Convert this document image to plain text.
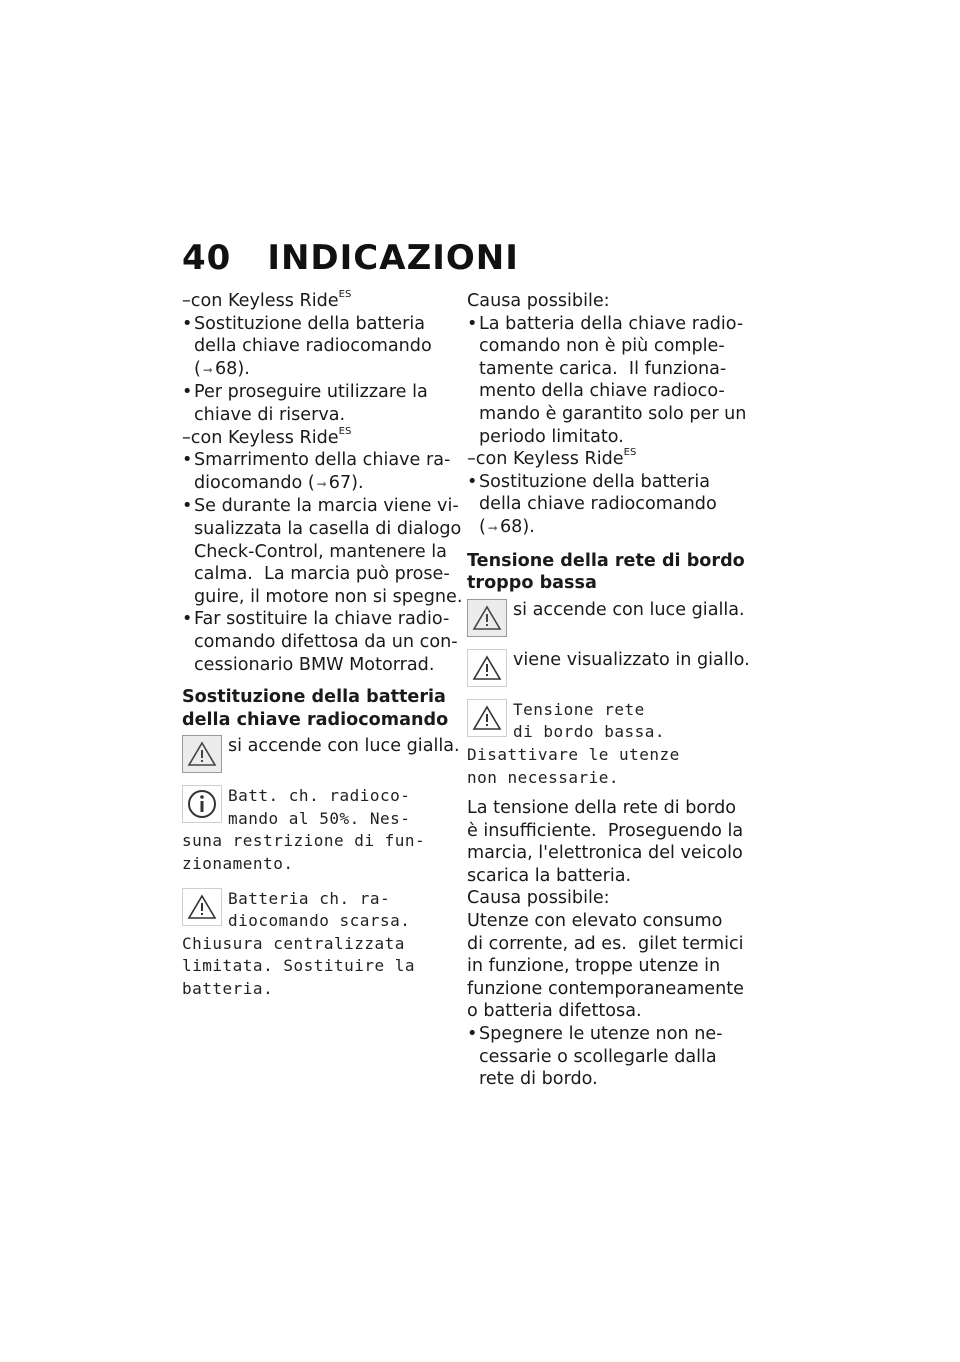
40 INDICAZIONI
–con Keyless Ride$^{ES}$
• Sostituzione della batteria
della chiave radiocomando
( ➞ 68).
• Per proseguire utilizzare la
chiave di riserva.
–con Keyless Ride$^{ES}$
• Smarrimento della chiave ra-
diocomando ( ➞ 67).
• Se durante la marcia viene vi-
sualizzata la casella di dialogo
Check-Control, mantenere la
calma.  La marcia può prose-
guire, il motore non si spegne.
• Far sostituire la chiave radio-
comando difettosa da un con-
cessionario BMW Motorrad.
Sostituzione della batteria
della chiave radiocomando
si accende con luce gialla.
Batt. ch. radioco-
mando al 50%. Nes-
suna restrizione di fun-
zionamento.
Batteria ch. ra-
diocomando scarsa.
Chiusura centralizzata
limitata. Sostituire la
batteria.
Causa possibile:
• La batteria della chiave radio-
comando non è più comple-
tamente carica.  Il funziona-
mento della chiave radioco-
mando è garantito solo per un
periodo limitato.
–con Keyless Ride$^{ES}$
• Sostituzione della batteria
della chiave radiocomando
( ➞ 68).
Tensione della rete di bordo
troppo bassa
si accende con luce gialla.
viene visualizzato in giallo.
Tensione rete
di bordo bassa.
Disattivare le utenze
non necessarie.
La tensione della rete di bordo
è insufficiente.  Proseguendo la
marcia, l'elettronica del veicolo
scarica la batteria.
Causa possibile:
Utenze con elevato consumo
di corrente, ad es.  gilet termici
in funzione, troppe utenze in
funzione contemporaneamente
o batteria difettosa.
• Spegnere le utenze non ne-
cessarie o scollegarle dalla
rete di bordo.
